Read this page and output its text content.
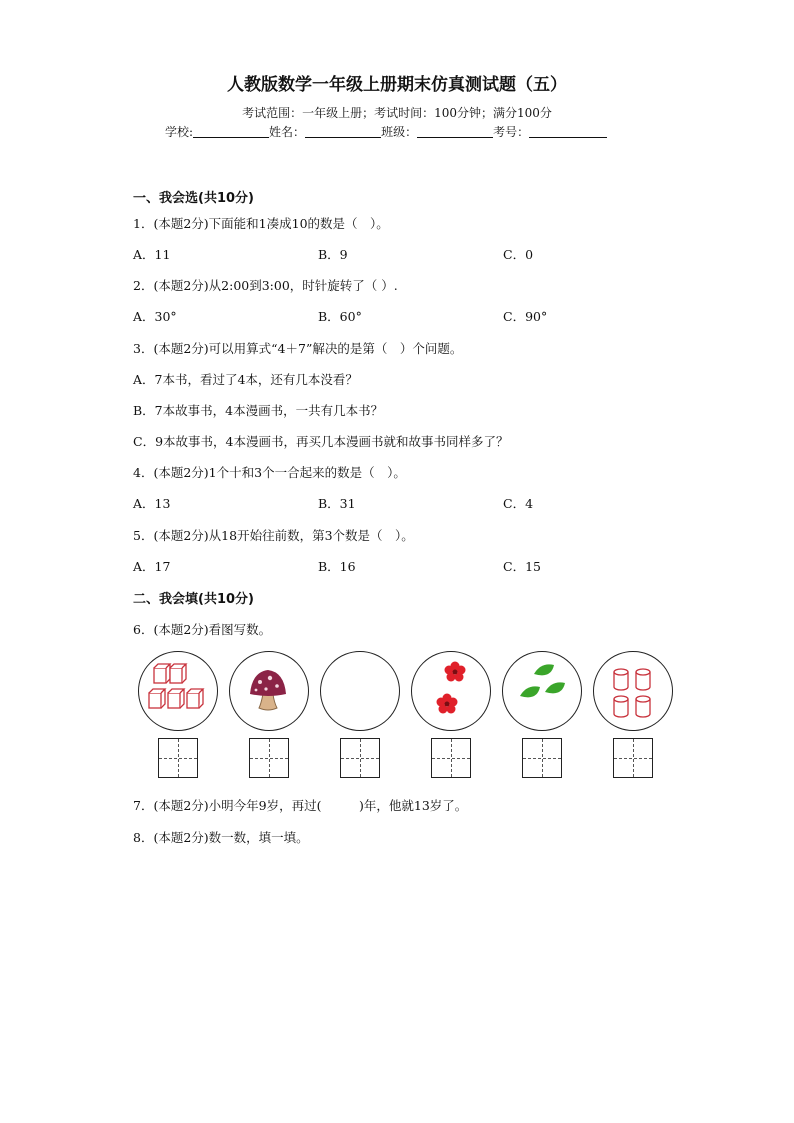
人教版数学一年级上册期末仿真测试题（五）
考试范围：一年级上册；考试时间：100分钟；满分100分
学校:	姓名：	班级：	考号：
一、我会选(共10分)
1．(本题2分)下面能和1凑成10的数是（　）。
A．11	B．9	C．0
2．(本题2分)从2:00到3:00，时针旋转了（ ）.
A．30°	B．60°	C．90°
3．(本题2分)可以用算式“4＋7”解决的是第（　）个问题。
A．7本书，看过了4本，还有几本没看？
B．7本故事书，4本漫画书，一共有几本书？
C．9本故事书，4本漫画书，再买几本漫画书就和故事书同样多了？
4．(本题2分)1个十和3个一合起来的数是（　）。
A．13	B．31	C．4
5．(本题2分)从18开始往前数，第3个数是（　）。
A．17	B．16	C．15
二、我会填(共10分)
6．(本题2分)看图写数。
7．(本题2分)小明今年9岁，再过(　　　)年，他就13岁了。
8．(本题2分)数一数，填一填。
